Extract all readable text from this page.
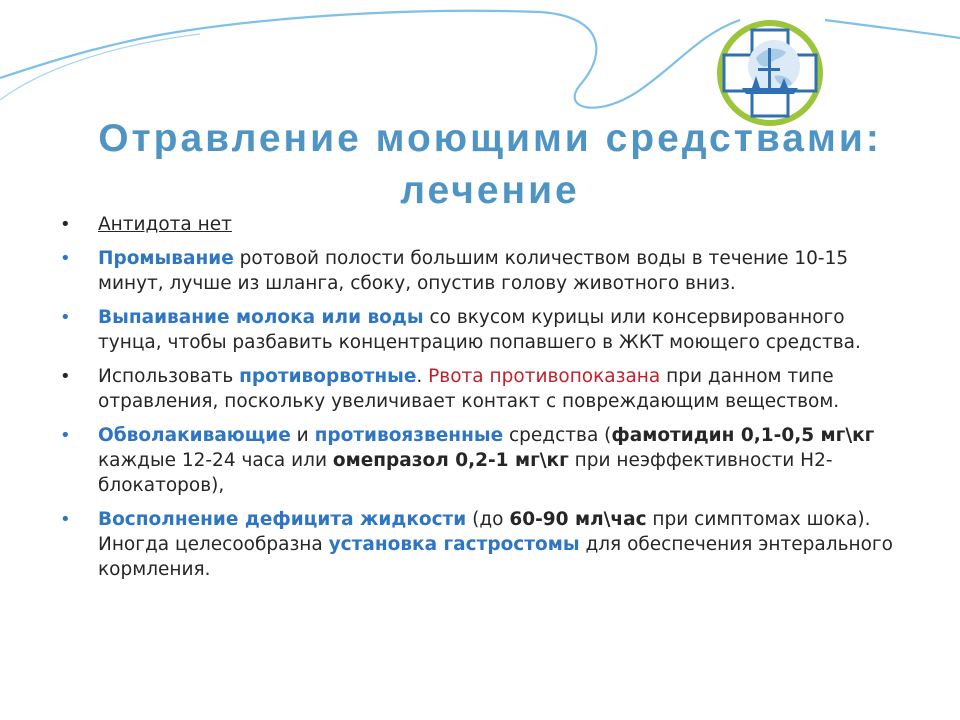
Отравление моющими средствами:
лечение
• Антидота нет
• Промывание ротовой полости большим количеством воды в течение 10-15 минут, лучше из шланга, сбоку, опустив голову животного вниз.
• Выпаивание молока или воды со вкусом курицы или консервированного тунца, чтобы разбавить концентрацию попавшего в ЖКТ моющего средства.
• Использовать противорвотные. Рвота противопоказана при данном типе отравления, поскольку увеличивает контакт с повреждающим веществом.
• Обволакивающие и противоязвенные средства (фамотидин 0,1-0,5 мг\кг каждые 12-24 часа или омепразол 0,2-1 мг\кг при неэффективности Н2-блокаторов),
• Восполнение дефицита жидкости (до 60-90 мл\час при симптомах шока). Иногда целесообразна установка гастростомы для обеспечения энтерального кормления.
